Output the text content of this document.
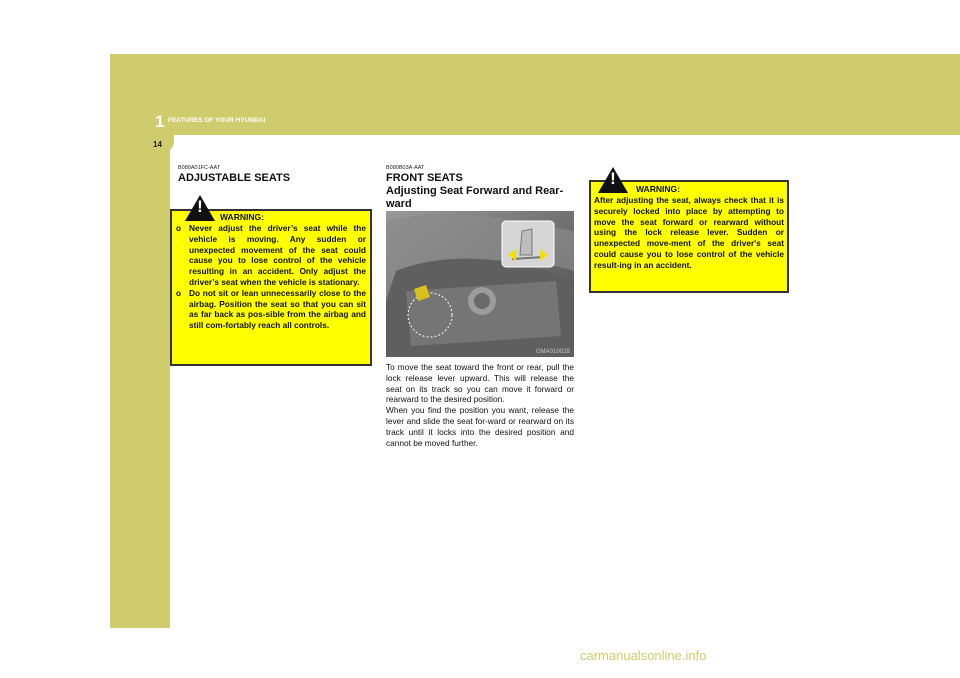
1 FEATURES OF YOUR HYUNDAI
14
B080A01FC-AAT
ADJUSTABLE SEATS
!
WARNING:
o Never adjust the driver’s seat while the vehicle is moving. Any sudden or unexpected movement of the seat could cause you to lose control of the vehicle resulting in an accident. Only adjust the driver’s seat when the vehicle is stationary.
o Do not sit or lean unnecessarily close to the airbag. Position the seat so that you can sit as far back as pos-sible from the airbag and still com-fortably reach all controls.
B080B03A-AAT
FRONT SEATS
Adjusting Seat Forward and Rear-ward
GMA010028

To move the seat toward the front or rear, pull the lock release lever upward. This will release the seat on its track so you can move it forward or rearward to the desired position.

When you find the position you want, release the lever and slide the seat for-ward or rearward on its track until it locks into the desired position and cannot be moved further.

!
WARNING:
After adjusting the seat, always check that it is securely locked into place by attempting to move the seat forward or rearward without using the lock release lever. Sudden or unexpected move-ment of the driver's seat could cause you to lose control of the vehicle result-ing in an accident.
carmanualsonline.info
